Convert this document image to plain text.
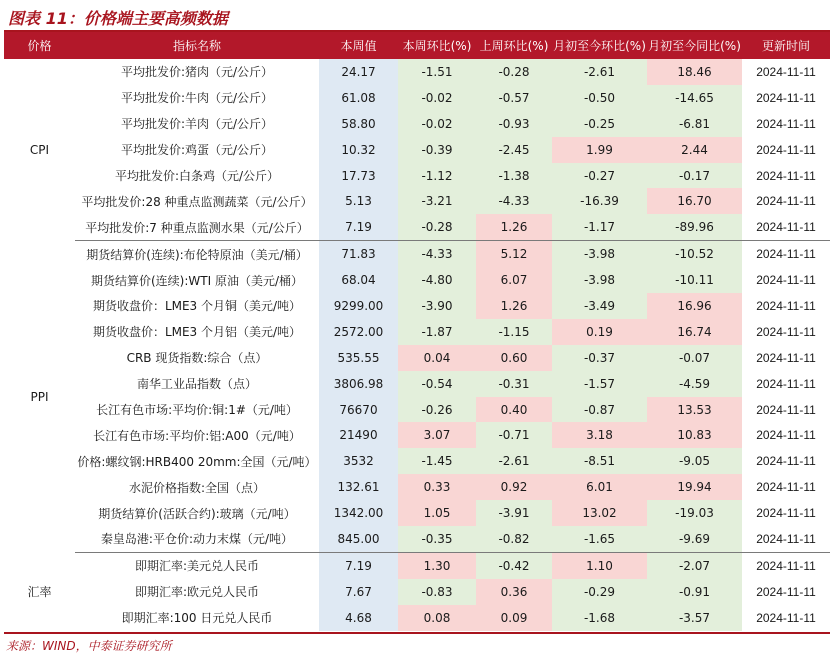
图表 11：价格端主要高频数据
价格	指标名称	本周值	本周环比(%)	上周环比(%)	月初至今环比(%)	月初至今同比(%)	更新时间
CPI	平均批发价:猪肉（元/公斤）	24.17	-1.51	-0.28	-2.61	18.46	2024-11-11
	平均批发价:牛肉（元/公斤）	61.08	-0.02	-0.57	-0.50	-14.65	2024-11-11
	平均批发价:羊肉（元/公斤）	58.80	-0.02	-0.93	-0.25	-6.81	2024-11-11
	平均批发价:鸡蛋（元/公斤）	10.32	-0.39	-2.45	1.99	2.44	2024-11-11
	平均批发价:白条鸡（元/公斤）	17.73	-1.12	-1.38	-0.27	-0.17	2024-11-11
	平均批发价:28 种重点监测蔬菜（元/公斤）	5.13	-3.21	-4.33	-16.39	16.70	2024-11-11
	平均批发价:7 种重点监测水果（元/公斤）	7.19	-0.28	1.26	-1.17	-89.96	2024-11-11
PPI	期货结算价(连续):布伦特原油（美元/桶）	71.83	-4.33	5.12	-3.98	-10.52	2024-11-11
	期货结算价(连续):WTI 原油（美元/桶）	68.04	-4.80	6.07	-3.98	-10.11	2024-11-11
	期货收盘价：LME3 个月铜（美元/吨）	9299.00	-3.90	1.26	-3.49	16.96	2024-11-11
	期货收盘价：LME3 个月铝（美元/吨）	2572.00	-1.87	-1.15	0.19	16.74	2024-11-11
	CRB 现货指数:综合（点）	535.55	0.04	0.60	-0.37	-0.07	2024-11-11
	南华工业品指数（点）	3806.98	-0.54	-0.31	-1.57	-4.59	2024-11-11
	长江有色市场:平均价:铜:1#（元/吨）	76670	-0.26	0.40	-0.87	13.53	2024-11-11
	长江有色市场:平均价:铝:A00（元/吨）	21490	3.07	-0.71	3.18	10.83	2024-11-11
	价格:螺纹钢:HRB400 20mm:全国（元/吨）	3532	-1.45	-2.61	-8.51	-9.05	2024-11-11
	水泥价格指数:全国（点）	132.61	0.33	0.92	6.01	19.94	2024-11-11
	期货结算价(活跃合约):玻璃（元/吨）	1342.00	1.05	-3.91	13.02	-19.03	2024-11-11
	秦皇岛港:平仓价:动力末煤（元/吨）	845.00	-0.35	-0.82	-1.65	-9.69	2024-11-11
汇率	即期汇率:美元兑人民币	7.19	1.30	-0.42	1.10	-2.07	2024-11-11
	即期汇率:欧元兑人民币	7.67	-0.83	0.36	-0.29	-0.91	2024-11-11
	即期汇率:100 日元兑人民币	4.68	0.08	0.09	-1.68	-3.57	2024-11-11
来源：WIND，中泰证券研究所
